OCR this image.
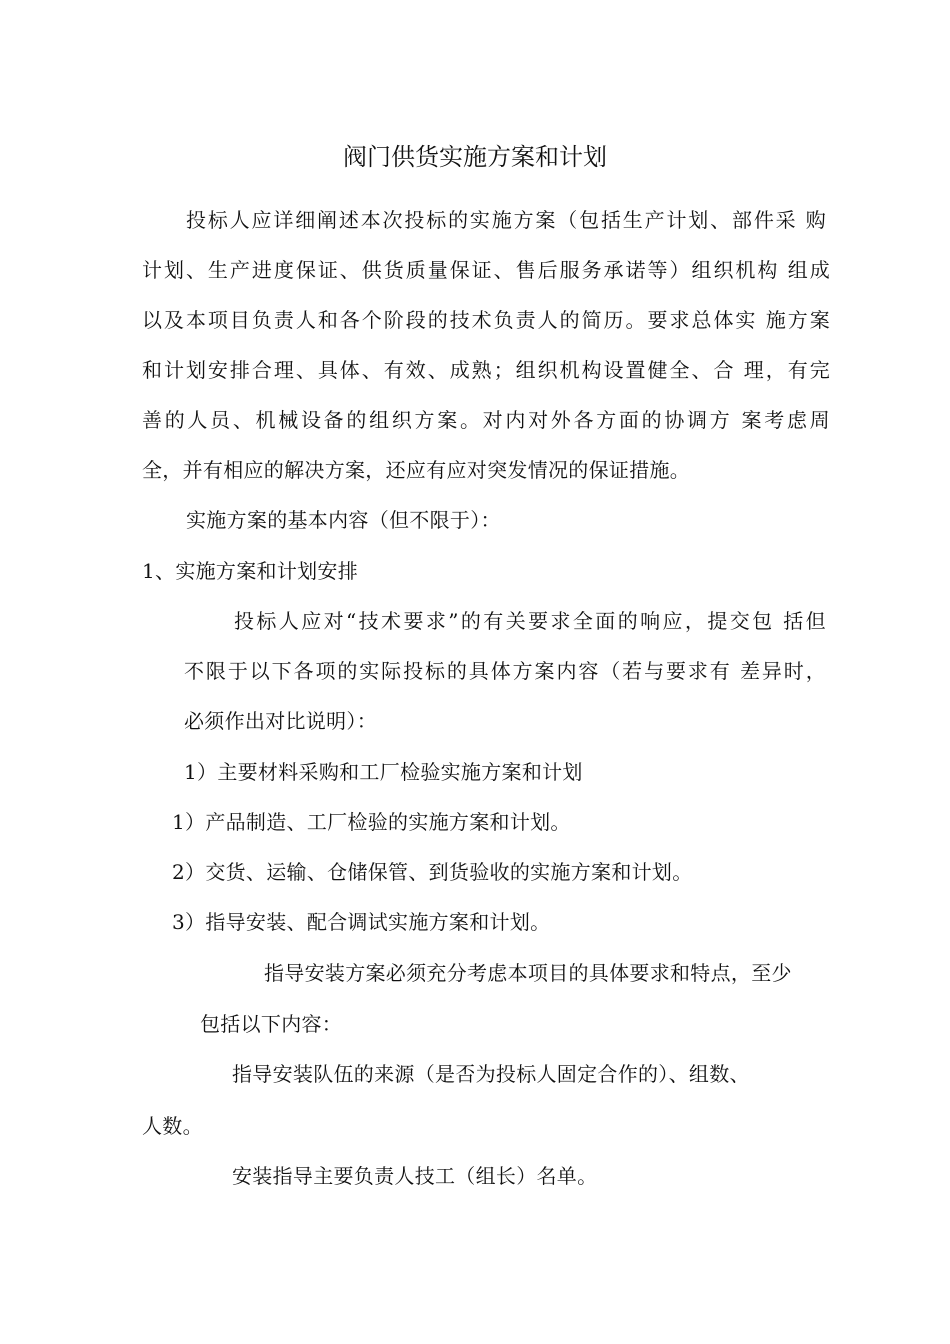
阀门供货实施方案和计划
投标人应详细阐述本次投标的实施方案（包括生产计划、部件采 购
计划、生产进度保证、供货质量保证、售后服务承诺等）组织机构 组成
以及本项目负责人和各个阶段的技术负责人的简历。要求总体实 施方案
和计划安排合理、具体、有效、成熟；组织机构设置健全、合 理，有完
善的人员、机械设备的组织方案。对内对外各方面的协调方 案考虑周
全，并有相应的解决方案，还应有应对突发情况的保证措施。
实施方案的基本内容（但不限于）：
1、实施方案和计划安排
投标人应对“技术要求”的有关要求全面的响应，提交包 括但
不限于以下各项的实际投标的具体方案内容（若与要求有 差异时，
必须作出对比说明）：
1）主要材料采购和工厂检验实施方案和计划
1）产品制造、工厂检验的实施方案和计划。
2）交货、运输、仓储保管、到货验收的实施方案和计划。
3）指导安装、配合调试实施方案和计划。
指导安装方案必须充分考虑本项目的具体要求和特点，至少
包括以下内容：
指导安装队伍的来源（是否为投标人固定合作的）、组数、
人数。
安装指导主要负责人技工（组长）名单。
